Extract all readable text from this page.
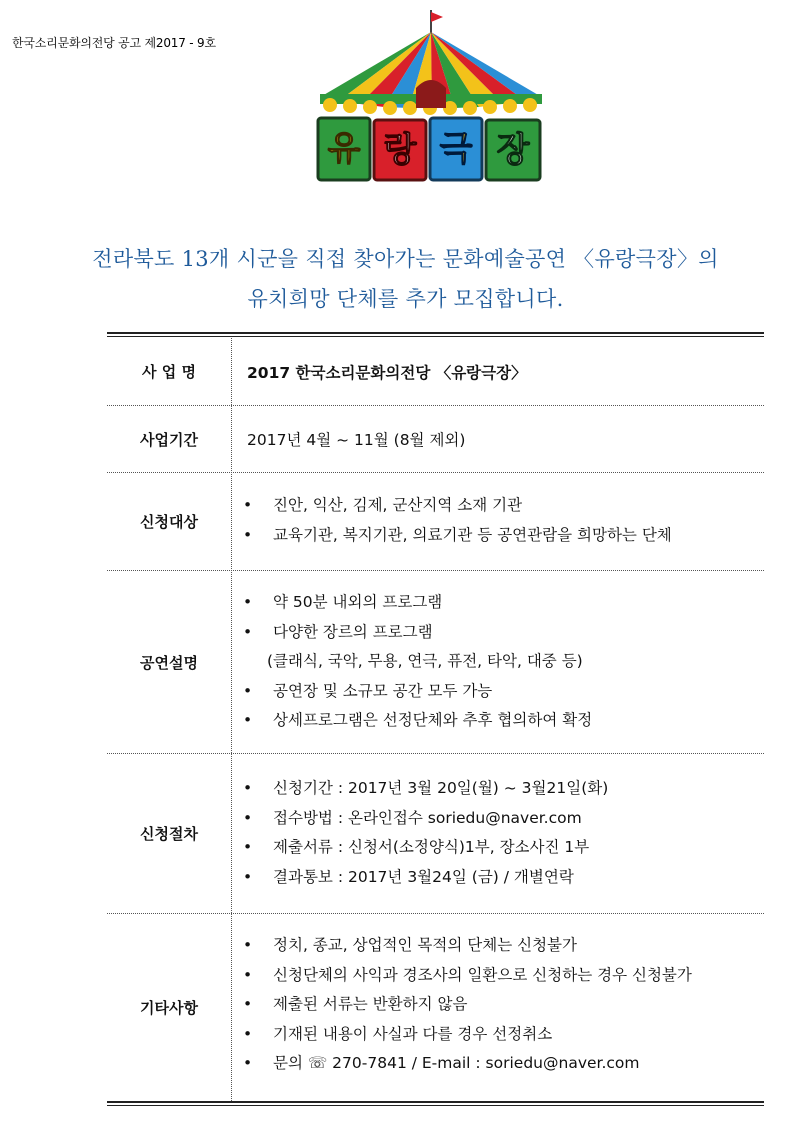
한국소리문화의전당 공고 제2017 - 9호
유 랑 극 장
전라북도 13개 시군을 직접 찾아가는 문화예술공연 〈유랑극장〉의
유치희망 단체를 추가 모집합니다.
사 업 명	2017 한국소리문화의전당 〈유랑극장〉
사업기간	2017년 4월 ~ 11월 (8월 제외)
신청대상
• 진안, 익산, 김제, 군산지역 소재 기관
• 교육기관, 복지기관, 의료기관 등 공연관람을 희망하는 단체
공연설명
• 약 50분 내외의 프로그램
• 다양한 장르의 프로그램
(클래식, 국악, 무용, 연극, 퓨전, 타악, 대중 등)
• 공연장 및 소규모 공간 모두 가능
• 상세프로그램은 선정단체와 추후 협의하여 확정
신청절차
• 신청기간 : 2017년 3월 20일(월) ~ 3월21일(화)
• 접수방법 : 온라인접수 soriedu@naver.com
• 제출서류 : 신청서(소정양식)1부, 장소사진 1부
• 결과통보 : 2017년 3월24일 (금) / 개별연락
기타사항
• 정치, 종교, 상업적인 목적의 단체는 신청불가
• 신청단체의 사익과 경조사의 일환으로 신청하는 경우 신청불가
• 제출된 서류는 반환하지 않음
• 기재된 내용이 사실과 다를 경우 선정취소
• 문의 ☏ 270-7841 / E-mail : soriedu@naver.com
